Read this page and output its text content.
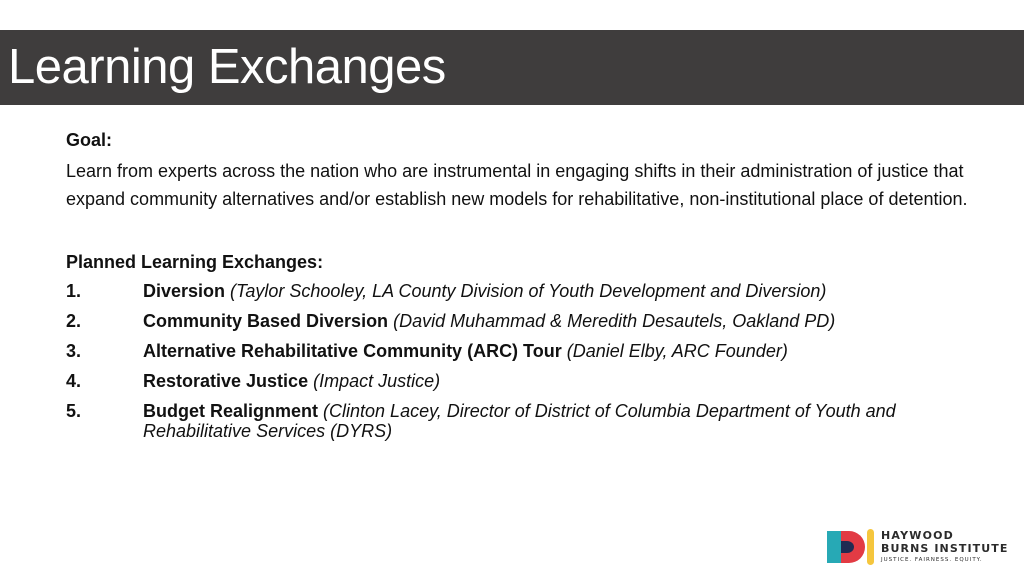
Learning Exchanges
Goal:
Learn from experts across the nation who are instrumental in engaging shifts in their administration of justice that expand community alternatives and/or establish new models for rehabilitative, non-institutional place of detention.
Planned Learning Exchanges:
1.	Diversion (Taylor Schooley, LA County Division of Youth Development and Diversion)
2.	Community Based Diversion (David Muhammad & Meredith Desautels, Oakland PD)
3.	Alternative Rehabilitative Community (ARC) Tour (Daniel Elby, ARC Founder)
4.	Restorative Justice (Impact Justice)
5.	Budget Realignment (Clinton Lacey, Director of District of Columbia Department of Youth and Rehabilitative Services (DYRS)
HAYWOOD
BURNS INSTITUTE
JUSTICE. FAIRNESS. EQUITY.
